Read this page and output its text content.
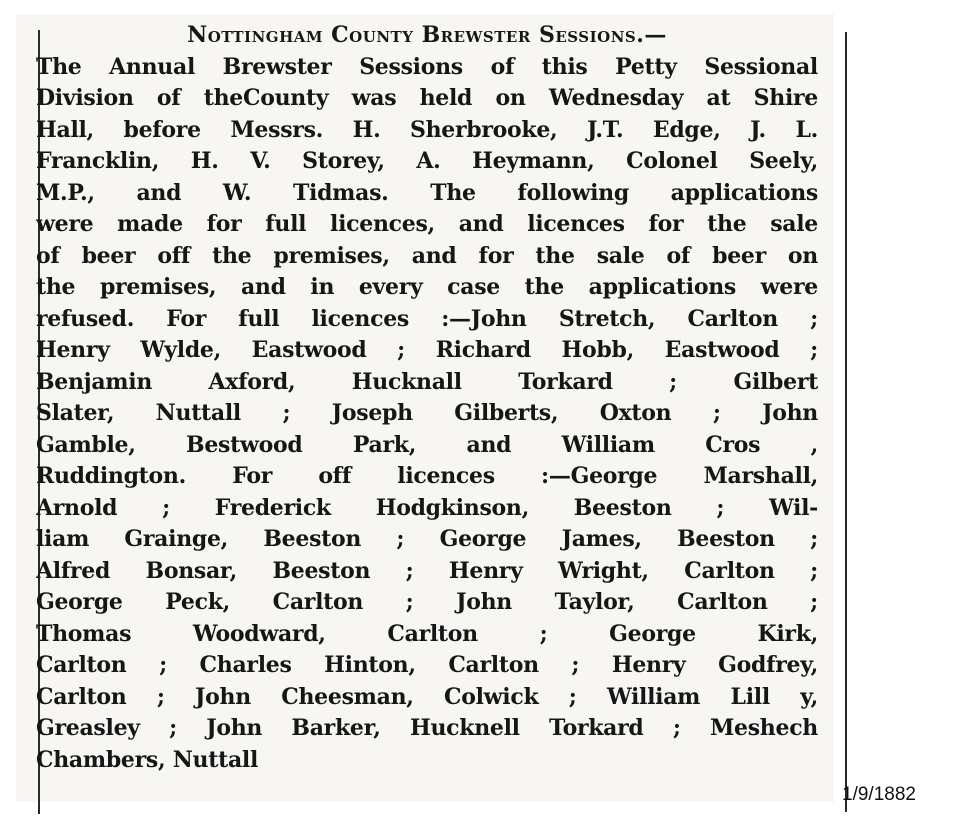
Nottingham County Brewster Sessions.—
The Annual Brewster Sessions of this Petty Sessional
Division of theCounty was held on Wednesday at Shire
Hall, before Messrs. H. Sherbrooke, J.T. Edge, J. L.
Francklin, H. V. Storey, A. Heymann, Colonel Seely,
M.P., and W. Tidmas. The following applications
were made for full licences, and licences for the sale
of beer off the premises, and for the sale of beer on
the premises, and in every case the applications were
refused. For full licences :—John Stretch, Carlton ;
Henry Wylde, Eastwood ; Richard Hobb, Eastwood ;
Benjamin Axford, Hucknall Torkard ; Gilbert
Slater, Nuttall ; Joseph Gilberts, Oxton ; John
Gamble, Bestwood Park, and William Cros ,
Ruddington. For off licences :—George Marshall,
Arnold ; Frederick Hodgkinson, Beeston ; Wil-
liam Grainge, Beeston ; George James, Beeston ;
Alfred Bonsar, Beeston ; Henry Wright, Carlton ;
George Peck, Carlton ; John Taylor, Carlton ;
Thomas Woodward, Carlton ; George Kirk,
Carlton ; Charles Hinton, Carlton ; Henry Godfrey,
Carlton ; John Cheesman, Colwick ; William Lill y,
Greasley ; John Barker, Hucknell Torkard ; Meshech
Chambers, Nuttall
1/9/1882
